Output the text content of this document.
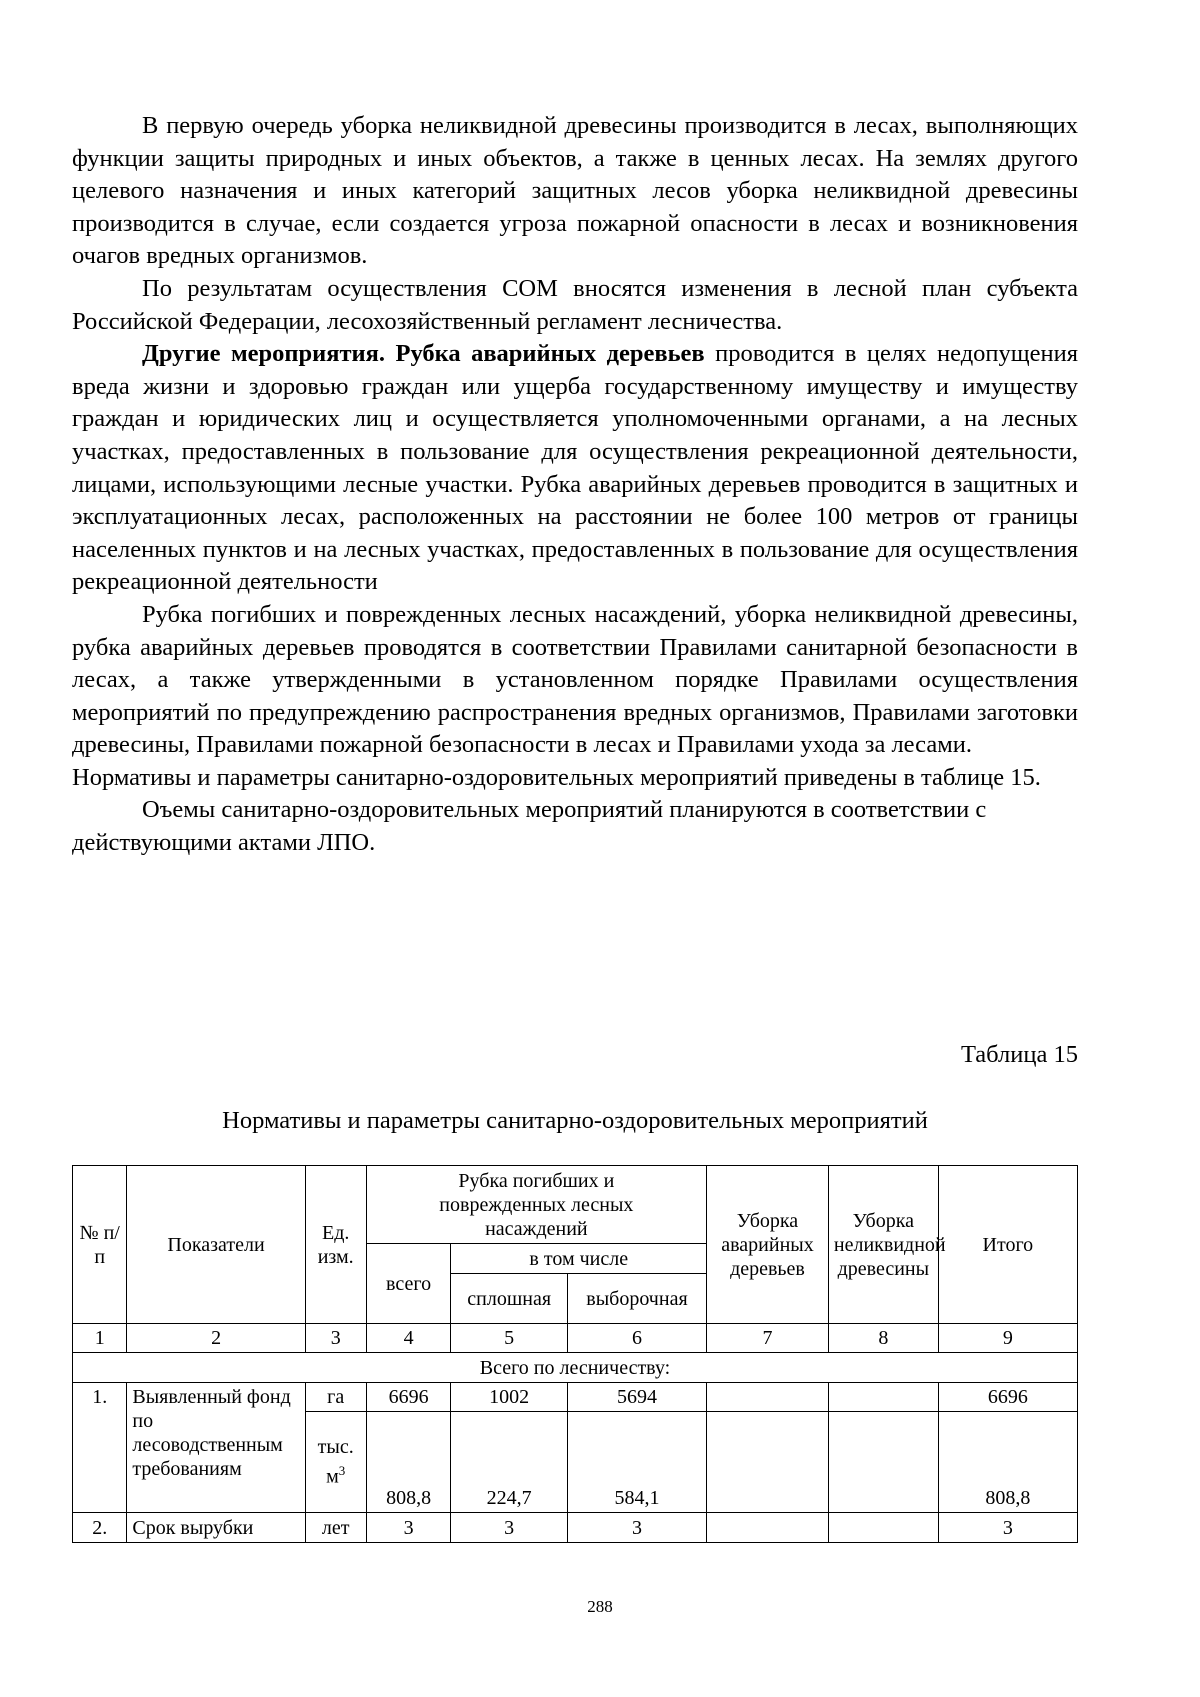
В первую очередь уборка неликвидной древесины производится в лесах, выполняющих функции защиты природных и иных объектов, а также в ценных лесах. На землях другого целевого назначения и иных категорий защитных лесов уборка неликвидной древесины производится в случае, если создается угроза пожарной опасности в лесах и возникновения очагов вредных организмов.

По результатам осуществления СОМ вносятся изменения в лесной план субъекта Российской Федерации, лесохозяйственный регламент лесничества.

Другие мероприятия. Рубка аварийных деревьев проводится в целях недопущения вреда жизни и здоровью граждан или ущерба государственному имуществу и имуществу граждан и юридических лиц и осуществляется уполномоченными органами, а на лесных участках, предоставленных в пользование для осуществления рекреационной деятельности, лицами, использующими лесные участки. Рубка аварийных деревьев проводится в защитных и эксплуатационных лесах, расположенных на расстоянии не более 100 метров от границы населенных пунктов и на лесных участках, предоставленных в пользование для осуществления рекреационной деятельности

Рубка погибших и поврежденных лесных насаждений, уборка неликвидной древесины, рубка аварийных деревьев проводятся в соответствии Правилами санитарной безопасности в лесах, а также утвержденными в установленном порядке Правилами осуществления мероприятий по предупреждению распространения вредных организмов, Правилами заготовки древесины, Правилами пожарной безопасности в лесах и Правилами ухода за лесами.

Нормативы и параметры санитарно-оздоровительных мероприятий приведены в таблице 15.

Оъемы санитарно-оздоровительных мероприятий планируются в соответствии с действующими актами ЛПО.

Таблица 15
Нормативы и параметры санитарно-оздоровительных мероприятий
№ п/п	Показатели	Ед. изм.	Рубка погибших и поврежденных лесных насаждений			Уборка аварийных деревьев	Уборка неликвидной древесины	Итого
			всего	в том числе				
				сплошная	выборочная			
1	2	3	4	5	6	7	8	9
Всего по лесничеству:								
1.	Выявленный фонд по лесоводственным требованиям	га	6696	1002	5694			6696
		тыс. $м^3$	808,8	224,7	584,1			808,8
2.	Срок вырубки	лет	3	3	3			3
288
